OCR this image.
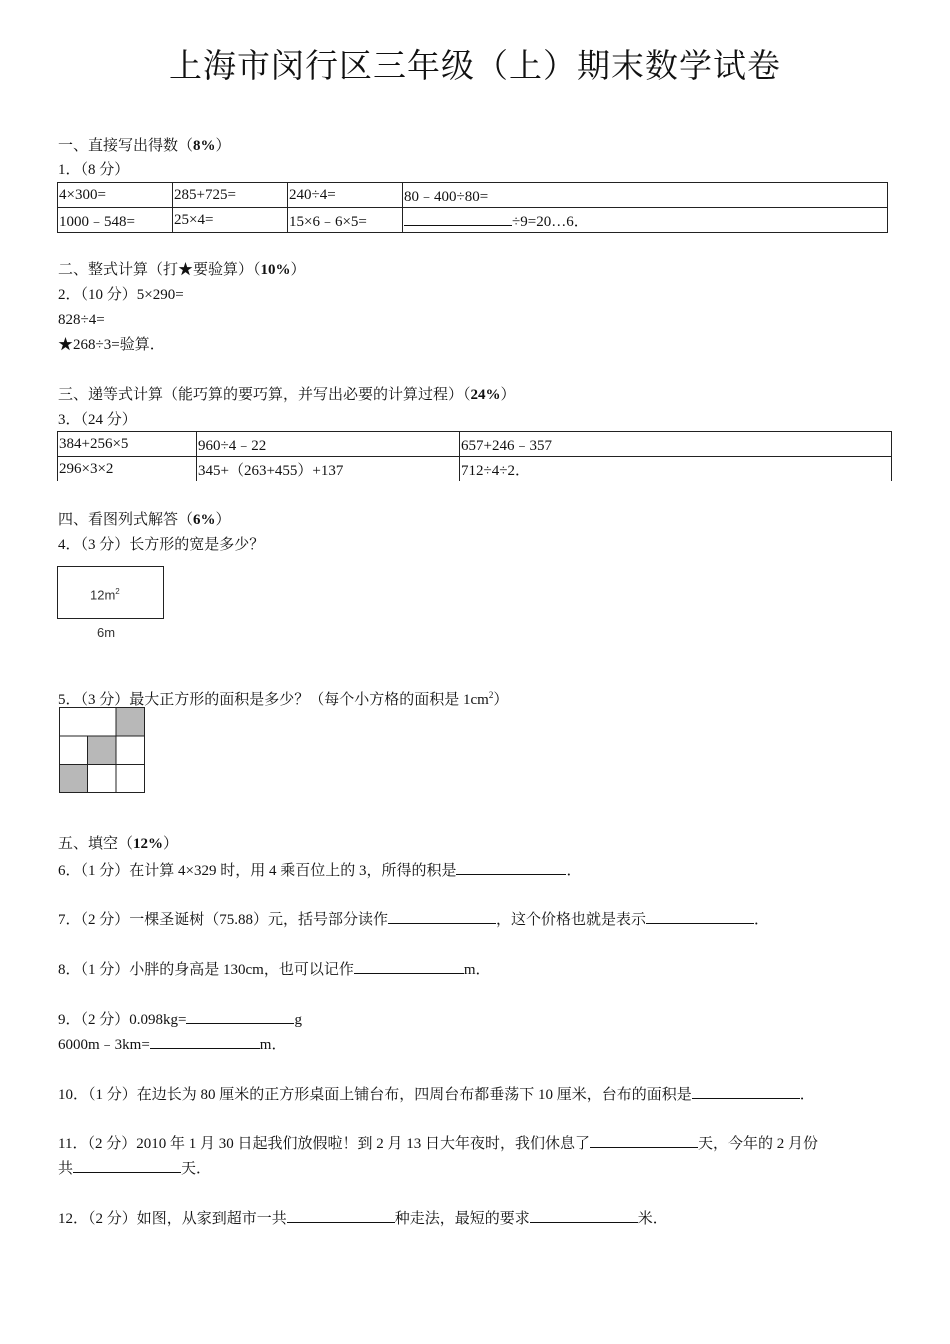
上海市闵行区三年级（上）期末数学试卷
一、直接写出得数（8%）
1．（8 分）
4×300=	285+725=	240÷4=	80﹣400÷80=
1000﹣548=	25×4=	15×6﹣6×5=	÷9=20…6．
二、整式计算（打★要验算）（10%）
2．（10 分）5×290=
828÷4=
★268÷3=验算．
三、递等式计算（能巧算的要巧算，并写出必要的计算过程）（24%）
3．（24 分）
384+256×5	960÷4﹣22	657+246﹣357
296×3×2	345+（263+455）+137	712÷4÷2．
四、看图列式解答（6%）
4．（3 分）长方形的宽是多少？
$12m^2$
6m
5．（3 分）最大正方形的面积是多少？（每个小方格的面积是 $1cm^2$）
五、填空（12%）
6．（1 分）在计算 4×329 时，用 4 乘百位上的 3，所得的积是	．
7．（2 分）一棵圣诞树（75.88）元，括号部分读作	，这个价格也就是表示	．
8．（1 分）小胖的身高是 130cm，也可以记作	m．
9．（2 分）0.098kg=	g
6000m﹣3km=	m．
10．（1 分）在边长为 80 厘米的正方形桌面上铺台布，四周台布都垂荡下 10 厘米，台布的面积是	．
11．（2 分）2010 年 1 月 30 日起我们放假啦！到 2 月 13 日大年夜时，我们休息了	天，今年的 2 月份
共	天．
12．（2 分）如图，从家到超市一共	种走法，最短的要求	米．
